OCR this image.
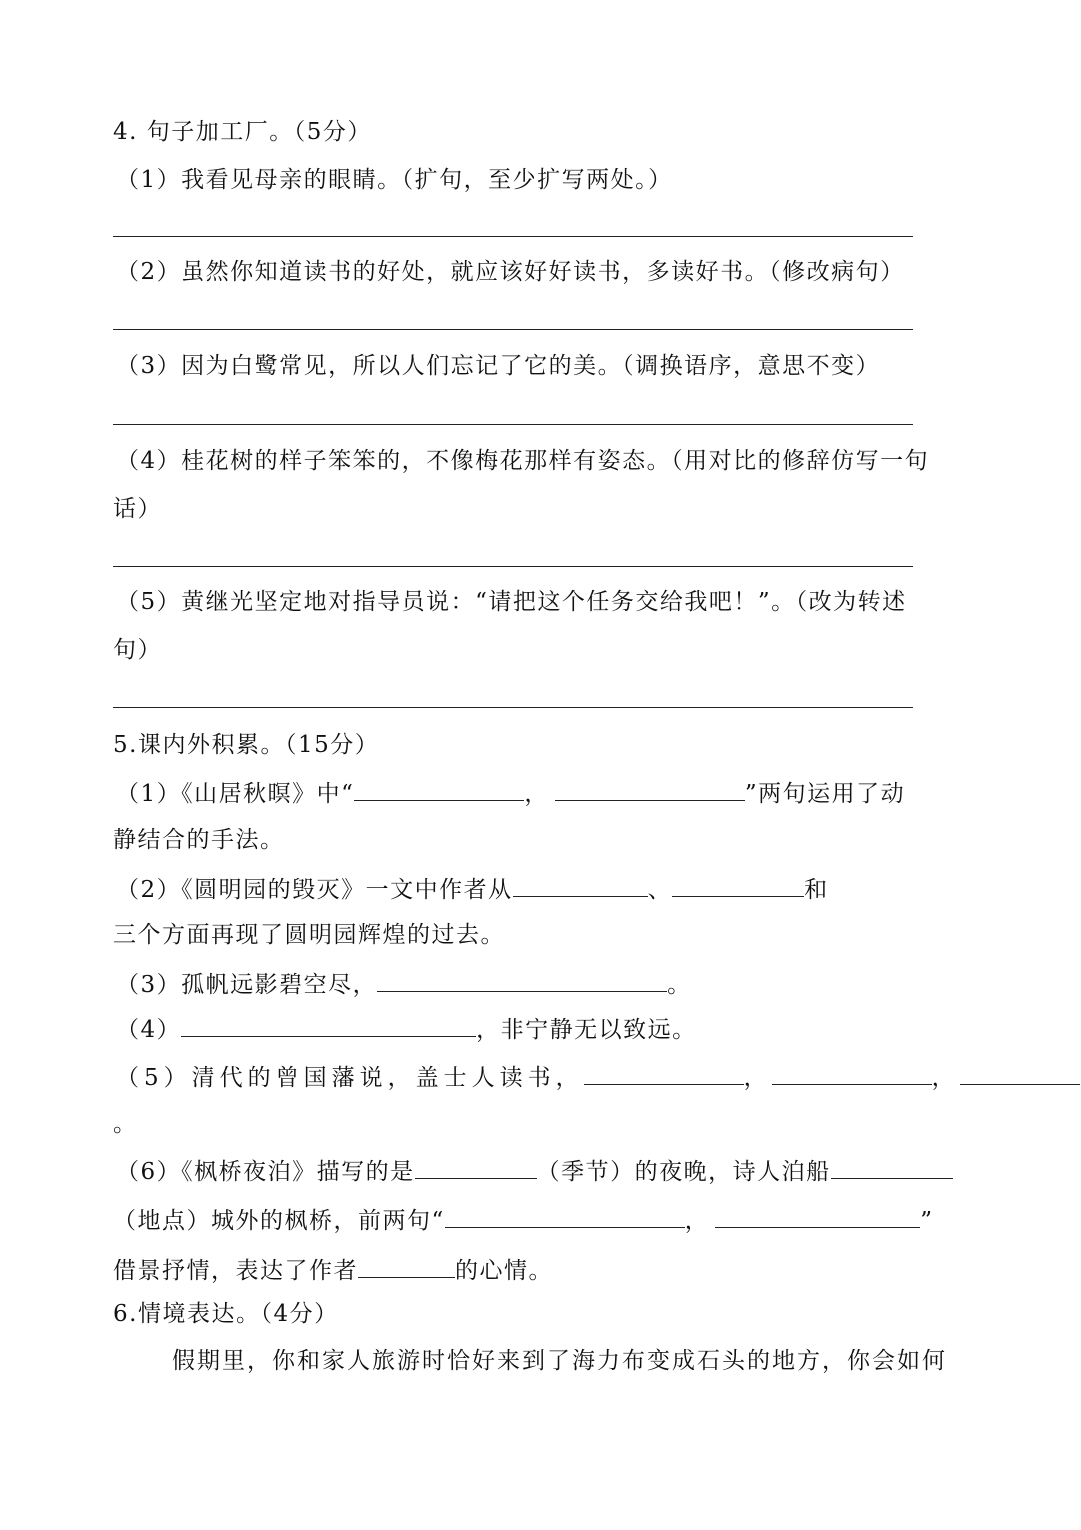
4. 句子加工厂。（5分）
（1）我看见母亲的眼睛。（扩句，至少扩写两处。）
（2）虽然你知道读书的好处，就应该好好读书，多读好书。（修改病句）
（3）因为白鹭常见，所以人们忘记了它的美。（调换语序，意思不变）
（4）桂花树的样子笨笨的，不像梅花那样有姿态。（用对比的修辞仿写一句
话）
（5）黄继光坚定地对指导员说：“请把这个任务交给我吧！”。（改为转述
句）
5.课内外积累。（15分）
（1）《山居秋暝》中“	，	”两句运用了动
静结合的手法。
（2）《圆明园的毁灭》一文中作者从	、	和
三个方面再现了圆明园辉煌的过去。
（3）孤帆远影碧空尽，	。
（4）	，非宁静无以致远。
（5）清代的曾国藩说，盖士人读书，	，	，
。
（6）《枫桥夜泊》描写的是	（季节）的夜晚，诗人泊船
（地点）城外的枫桥，前两句“	，	”
借景抒情，表达了作者	的心情。
6.情境表达。（4分）
假期里，你和家人旅游时恰好来到了海力布变成石头的地方，你会如何
